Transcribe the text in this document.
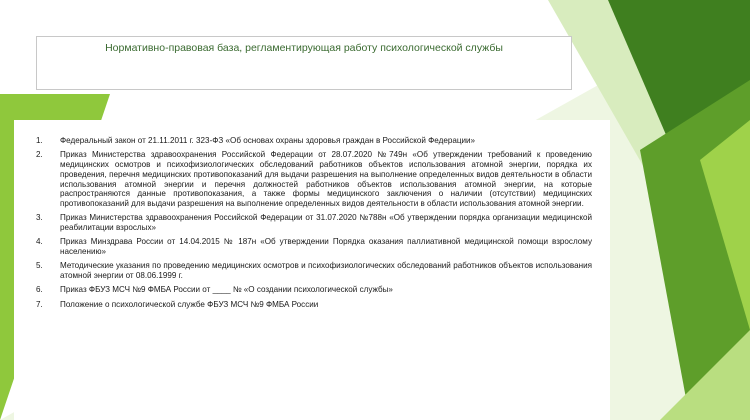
Нормативно-правовая база, регламентирующая работу психологической службы
1. Федеральный закон от 21.11.2011 г. 323-ФЗ «Об основах охраны здоровья граждан в Российской Федерации»
2. Приказ Министерства здравоохранения Российской Федерации от 28.07.2020 №749н «Об утверждении требований к проведению медицинских осмотров и психофизиологических обследований работников объектов использования атомной энергии, порядка их проведения, перечня медицинских противопоказаний для выдачи разрешения на выполнение определенных видов деятельности в области использования атомной энергии и перечня должностей работников объектов использования атомной энергии, на которые распространяются данные противопоказания, а также формы медицинского заключения о наличии (отсутствии) медицинских противопоказаний для выдачи разрешения на выполнение определенных видов деятельности в области использования атомной энергии.
3. Приказ Министерства здравоохранения Российской Федерации от 31.07.2020 №788н «Об утверждении порядка организации медицинской реабилитации взрослых»
4. Приказ Минздрава России от 14.04.2015 № 187н «Об утверждении Порядка оказания паллиативной медицинской помощи взрослому населению»
5. Методические указания по проведению медицинских осмотров и психофизиологических обследований работников объектов использования атомной энергии от 08.06.1999 г.
6. Приказ ФБУЗ МСЧ №9 ФМБА России от ____ № «О создании психологической службы»
7. Положение о психологической службе ФБУЗ МСЧ №9 ФМБА России
